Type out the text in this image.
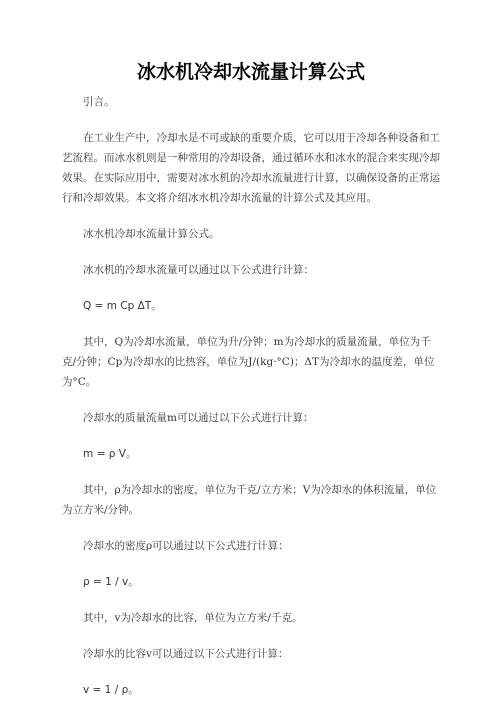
冰水机冷却水流量计算公式

引言。

在工业生产中，冷却水是不可或缺的重要介质，它可以用于冷却各种设备和工艺流程。而冰水机则是一种常用的冷却设备，通过循环水和冰水的混合来实现冷却效果。在实际应用中，需要对冰水机的冷却水流量进行计算，以确保设备的正常运行和冷却效果。本文将介绍冰水机冷却水流量的计算公式及其应用。

冰水机冷却水流量计算公式。

冰水机的冷却水流量可以通过以下公式进行计算：

Q = m Cp ΔT。

其中，Q为冷却水流量，单位为升/分钟；m为冷却水的质量流量，单位为千克/分钟；Cp为冷却水的比热容，单位为J/(kg·°C)；ΔT为冷却水的温度差，单位为°C。

冷却水的质量流量m可以通过以下公式进行计算：

m = ρ V。

其中，ρ为冷却水的密度，单位为千克/立方米；V为冷却水的体积流量，单位为立方米/分钟。

冷却水的密度ρ可以通过以下公式进行计算：

ρ = 1 / v。

其中，v为冷却水的比容，单位为立方米/千克。

冷却水的比容v可以通过以下公式进行计算：

v = 1 / ρ。
